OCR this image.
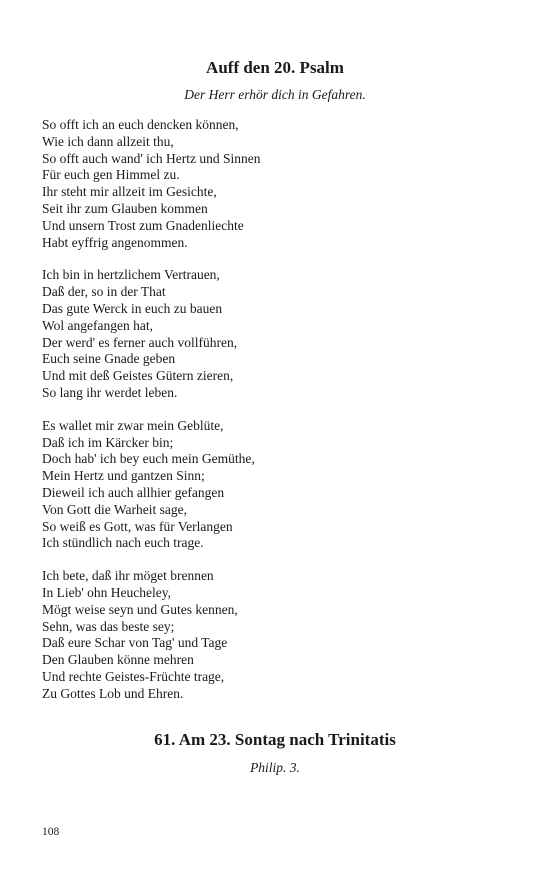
Auff den 20. Psalm

Der Herr erhör dich in Gefahren.

So offt ich an euch dencken können,
Wie ich dann allzeit thu,
So offt auch wand' ich Hertz und Sinnen
Für euch gen Himmel zu.
Ihr steht mir allzeit im Gesichte,
Seit ihr zum Glauben kommen
Und unsern Trost zum Gnadenliechte
Habt eyffrig angenommen.
Ich bin in hertzlichem Vertrauen,
Daß der, so in der That
Das gute Werck in euch zu bauen
Wol angefangen hat,
Der werd' es ferner auch vollführen,
Euch seine Gnade geben
Und mit deß Geistes Gütern zieren,
So lang ihr werdet leben.
Es wallet mir zwar mein Geblüte,
Daß ich im Kärcker bin;
Doch hab' ich bey euch mein Gemüthe,
Mein Hertz und gantzen Sinn;
Dieweil ich auch allhier gefangen
Von Gott die Warheit sage,
So weiß es Gott, was für Verlangen
Ich stündlich nach euch trage.
Ich bete, daß ihr möget brennen
In Lieb' ohn Heucheley,
Mögt weise seyn und Gutes kennen,
Sehn, was das beste sey;
Daß eure Schar von Tag' und Tage
Den Glauben könne mehren
Und rechte Geistes-Früchte trage,
Zu Gottes Lob und Ehren.
61. Am 23. Sontag nach Trinitatis

Philip. 3.

108
